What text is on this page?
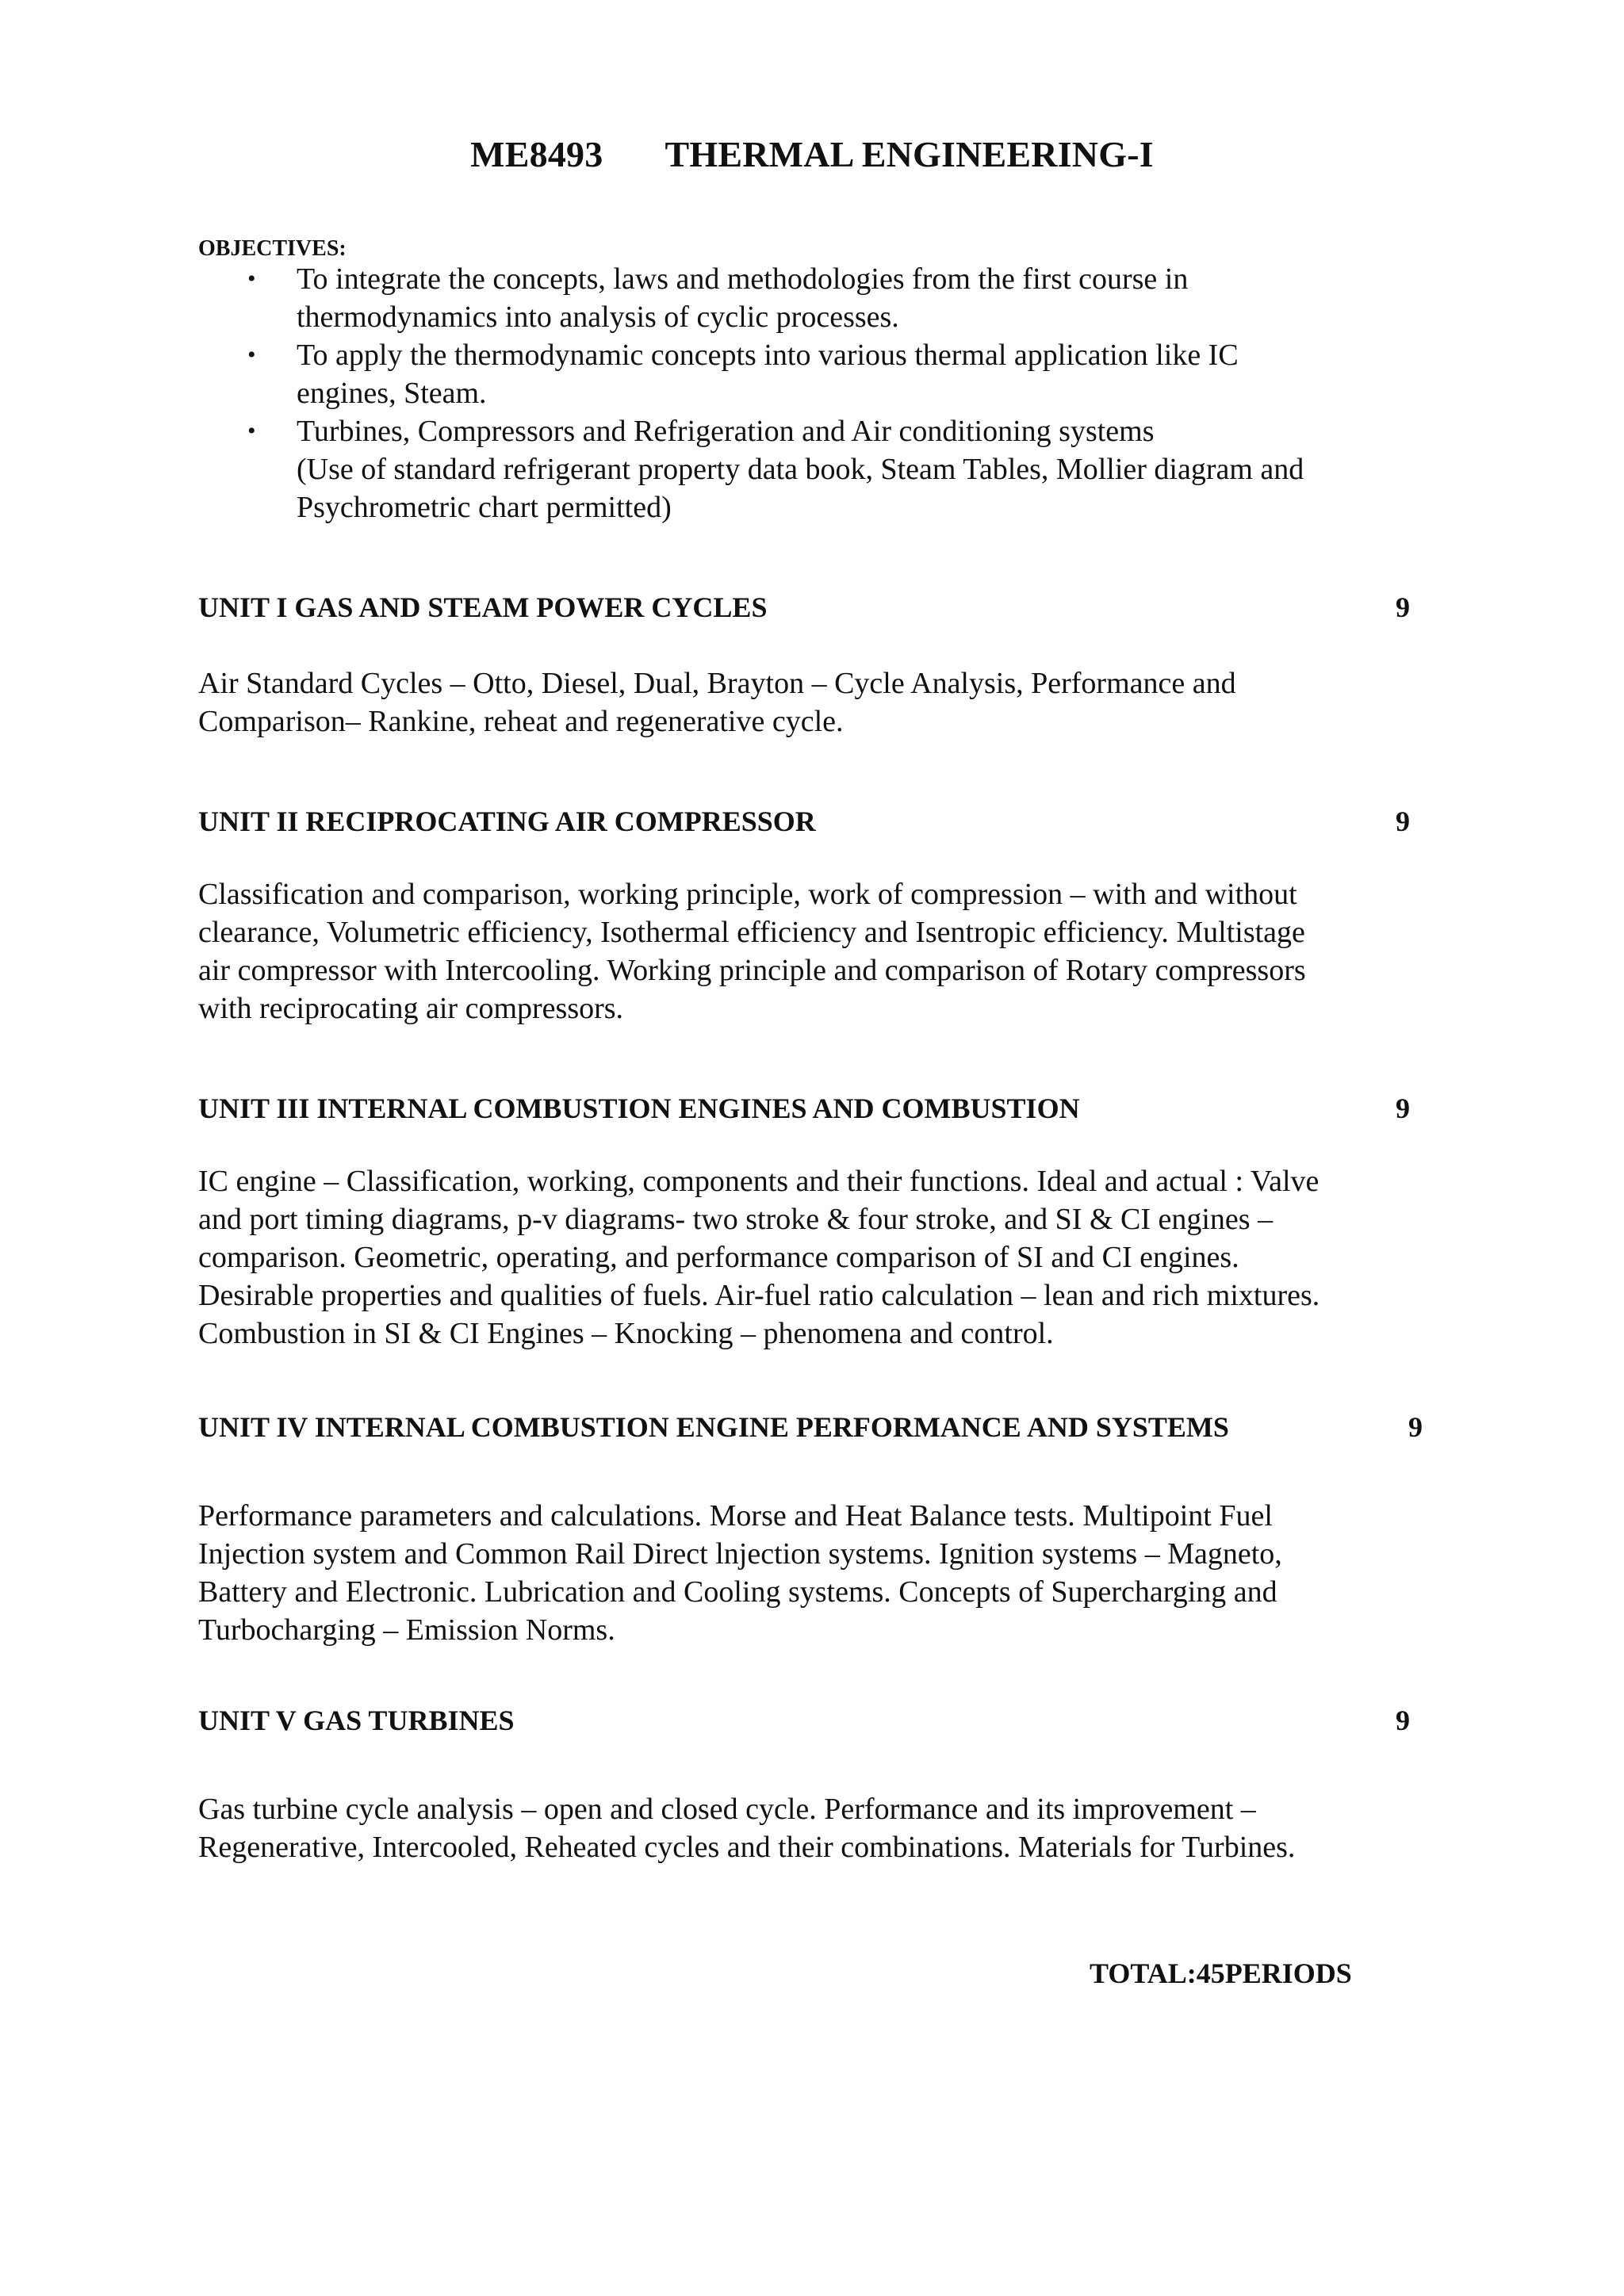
ME8493 THERMAL ENGINEERING-I
OBJECTIVES:
• To integrate the concepts, laws and methodologies from the first course in
thermodynamics into analysis of cyclic processes.
• To apply the thermodynamic concepts into various thermal application like IC
engines, Steam.
• Turbines, Compressors and Refrigeration and Air conditioning systems
(Use of standard refrigerant property data book, Steam Tables, Mollier diagram and
Psychrometric chart permitted)
UNIT I GAS AND STEAM POWER CYCLES	9
Air Standard Cycles – Otto, Diesel, Dual, Brayton – Cycle Analysis, Performance and
Comparison– Rankine, reheat and regenerative cycle.
UNIT II RECIPROCATING AIR COMPRESSOR	9
Classification and comparison, working principle, work of compression – with and without
clearance, Volumetric efficiency, Isothermal efficiency and Isentropic efficiency. Multistage
air compressor with Intercooling. Working principle and comparison of Rotary compressors
with reciprocating air compressors.
UNIT III INTERNAL COMBUSTION ENGINES AND COMBUSTION	9
IC engine – Classification, working, components and their functions. Ideal and actual : Valve
and port timing diagrams, p-v diagrams- two stroke & four stroke, and SI & CI engines –
comparison. Geometric, operating, and performance comparison of SI and CI engines.
Desirable properties and qualities of fuels. Air-fuel ratio calculation – lean and rich mixtures.
Combustion in SI & CI Engines – Knocking – phenomena and control.
UNIT IV INTERNAL COMBUSTION ENGINE PERFORMANCE AND SYSTEMS	9
Performance parameters and calculations. Morse and Heat Balance tests. Multipoint Fuel
Injection system and Common Rail Direct lnjection systems. Ignition systems – Magneto,
Battery and Electronic. Lubrication and Cooling systems. Concepts of Supercharging and
Turbocharging – Emission Norms.
UNIT V GAS TURBINES	9
Gas turbine cycle analysis – open and closed cycle. Performance and its improvement –
Regenerative, Intercooled, Reheated cycles and their combinations. Materials for Turbines.
TOTAL:45PERIODS
